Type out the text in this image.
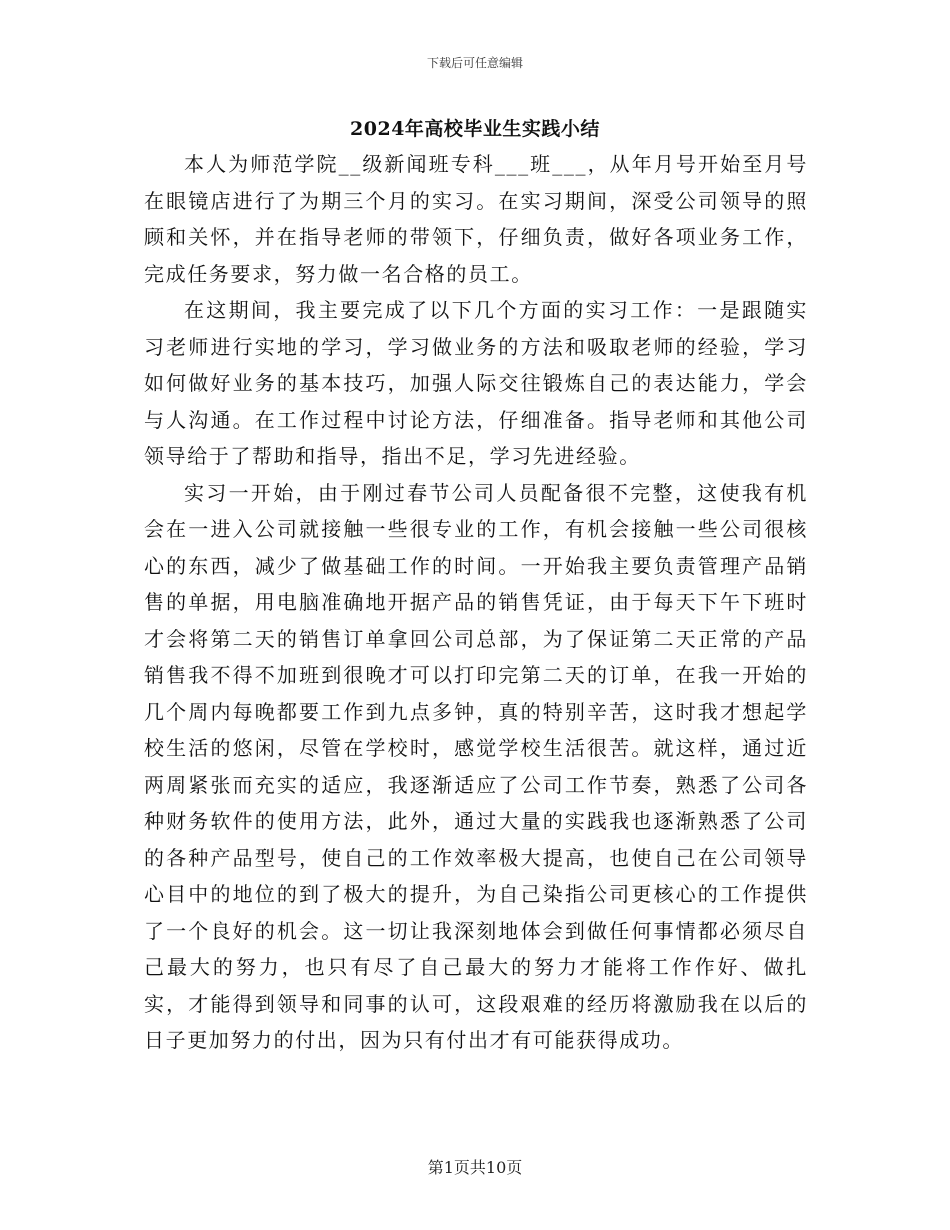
下载后可任意编辑
2024年高校毕业生实践小结

本人为师范学院__级新闻班专科___班___，从年月号开始至月号在眼镜店进行了为期三个月的实习。在实习期间，深受公司领导的照顾和关怀，并在指导老师的带领下，仔细负责，做好各项业务工作，完成任务要求，努力做一名合格的员工。

在这期间，我主要完成了以下几个方面的实习工作：一是跟随实习老师进行实地的学习，学习做业务的方法和吸取老师的经验，学习如何做好业务的基本技巧，加强人际交往锻炼自己的表达能力，学会与人沟通。在工作过程中讨论方法，仔细准备。指导老师和其他公司领导给于了帮助和指导，指出不足，学习先进经验。

实习一开始，由于刚过春节公司人员配备很不完整，这使我有机会在一进入公司就接触一些很专业的工作，有机会接触一些公司很核心的东西，减少了做基础工作的时间。一开始我主要负责管理产品销售的单据，用电脑准确地开据产品的销售凭证，由于每天下午下班时才会将第二天的销售订单拿回公司总部，为了保证第二天正常的产品销售我不得不加班到很晚才可以打印完第二天的订单，在我一开始的几个周内每晚都要工作到九点多钟，真的特别辛苦，这时我才想起学校生活的悠闲，尽管在学校时，感觉学校生活很苦。就这样，通过近两周紧张而充实的适应，我逐渐适应了公司工作节奏，熟悉了公司各种财务软件的使用方法，此外，通过大量的实践我也逐渐熟悉了公司的各种产品型号，使自己的工作效率极大提高，也使自己在公司领导心目中的地位的到了极大的提升，为自己染指公司更核心的工作提供了一个良好的机会。这一切让我深刻地体会到做任何事情都必须尽自己最大的努力，也只有尽了自己最大的努力才能将工作作好、做扎实，才能得到领导和同事的认可，这段艰难的经历将激励我在以后的日子更加努力的付出，因为只有付出才有可能获得成功。

第1页共10页
